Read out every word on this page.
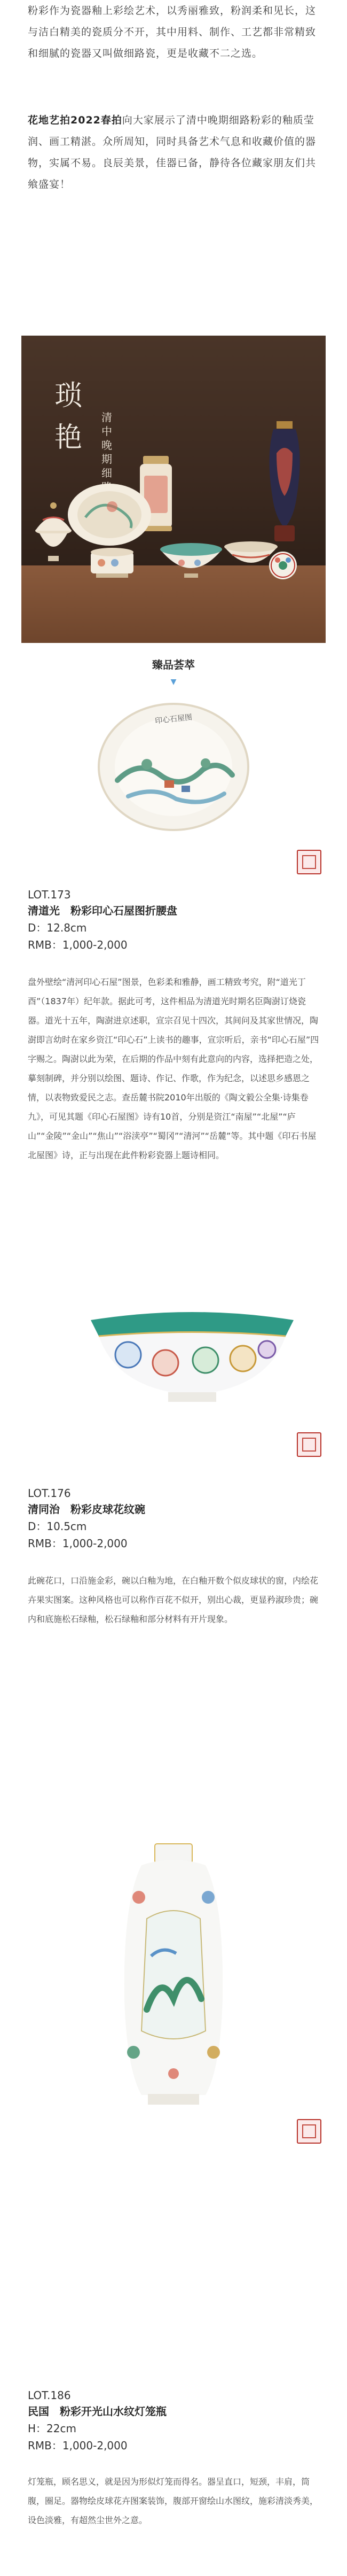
粉彩作为瓷器釉上彩绘艺术，以秀丽雅致，粉润柔和见长，这与洁白精美的瓷质分不开，其中用料、制作、工艺都非常精致和细腻的瓷器又叫做细路瓷，更是收藏不二之选。

花地艺拍2022春拍向大家展示了清中晚期细路粉彩的釉质莹润、画工精湛。众所周知，同时具备艺术气息和收藏价值的器物，实属不易。良辰美景，佳器已备，静待各位藏家朋友们共飨盛宴！

琐
艳
清中晚期细
臻品荟萃
▼
印心石屋图
LOT.173
清道光　粉彩印心石屋图折腰盘
D：12.8cm
RMB：1,000-2,000

盘外壁绘“清河印心石屋”图景，色彩柔和雅静，画工精致考究，附“道光丁酉”（1837年）纪年款。据此可考，这件相品为清道光时期名臣陶澍订烧瓷器。道光十五年，陶澍进京述职，宣宗召见十四次，其间问及其家世情况，陶澍即言幼时在家乡资江“印心石”上读书的趣事，宣宗听后，亲书“印心石屋”四字赐之。陶澍以此为荣，在后期的作品中刻有此意向的内容，选择把造之处，摹刻制碑，并分别以绘图、题诗、作记、作歌，作为纪念，以述思乡感恩之情，以表物致爱民之志。查岳麓书院2010年出版的《陶文毅公全集·诗集卷九》，可见其题《印心石屋图》诗有10首，分别是资江“南屋”“北屋”“庐山”“金陵”“金山”“焦山”“浴渎亭”“蜀冈”“清河”“岳麓”等。其中题《印石书屋北屋图》诗，正与出现在此件粉彩瓷器上题诗相同。

LOT.176
清同治　粉彩皮球花纹碗
D：10.5cm
RMB：1,000-2,000

此碗花口，口沿施金彩，碗以白釉为地，在白釉开数个似皮球状的窗，内绘花卉果实图案。这种风格也可以称作百花不似开，别出心裁，更显矜淑珍贵；碗内和底施松石绿釉，松石绿釉和部分材料有开片现象。

LOT.186
民国　粉彩开光山水纹灯笼瓶
H：22cm
RMB：1,000-2,000

灯笼瓶，顾名思义，就是因为形似灯笼而得名。器呈直口，短颈，丰肩，筒腹，圈足。器物绘皮球花卉图案装饰，腹部开窗绘山水图纹，施彩清淡秀美，设色淡雅，有超然尘世外之意。
